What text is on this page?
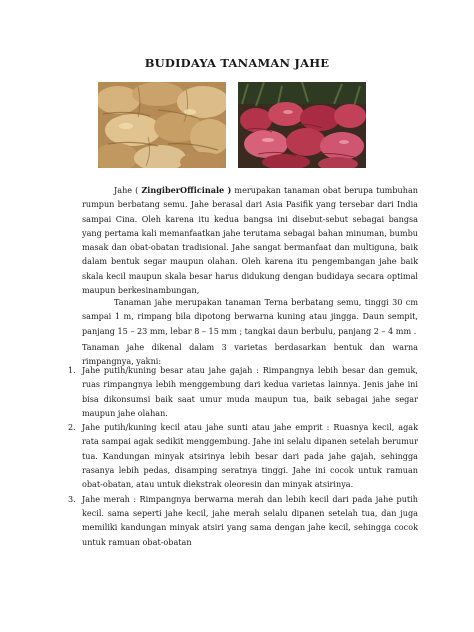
BUDIDAYA TANAMAN JAHE

Jahe ( ZingiberOfficinale ) merupakan tanaman obat berupa tumbuhan rumpun berbatang semu. Jahe berasal dari Asia Pasifik yang tersebar dari India sampai Cina. Oleh karena itu kedua bangsa ini disebut-sebut sebagai bangsa yang pertama kali memanfaatkan jahe terutama sebagai bahan minuman, bumbu masak dan obat-obatan tradisional. Jahe sangat bermanfaat dan multiguna, baik dalam bentuk segar maupun olahan. Oleh karena itu pengembangan jahe baik skala kecil maupun skala besar harus didukung dengan budidaya secara optimal maupun berkesinambungan,

Tanaman jahe merupakan tanaman Terna berbatang semu, tinggi 30 cm sampai 1 m, rimpang bila dipotong berwarna kuning atau jingga. Daun sempit, panjang 15 – 23 mm, lebar 8 – 15 mm ; tangkai daun berbulu, panjang 2 – 4 mm .

Tanaman jahe dikenal dalam 3 varietas berdasarkan bentuk dan warna rimpangnya, yakni:

1. Jahe putih/kuning besar atau jahe gajah : Rimpangnya lebih besar dan gemuk, ruas rimpangnya lebih menggembung dari kedua varietas lainnya. Jenis jahe ini bisa dikonsumsi baik saat umur muda maupun tua, baik sebagai jahe segar maupun jahe olahan.
2. Jahe putih/kuning kecil atau jahe sunti atau jahe emprit : Ruasnya kecil, agak rata sampai agak sedikit menggembung. Jahe ini selalu dipanen setelah berumur tua. Kandungan minyak atsirinya lebih besar dari pada jahe gajah, sehingga rasanya lebih pedas, disamping seratnya tinggi. Jahe ini cocok untuk ramuan obat-obatan, atau untuk diekstrak oleoresin dan minyak atsirinya.
3. Jahe merah : Rimpangnya berwarna merah dan lebih kecil dari pada jahe putih kecil. sama seperti jahe kecil, jahe merah selalu dipanen setelah tua, dan juga memiliki kandungan minyak atsiri yang sama dengan jahe kecil, sehingga cocok untuk ramuan obat-obatan
